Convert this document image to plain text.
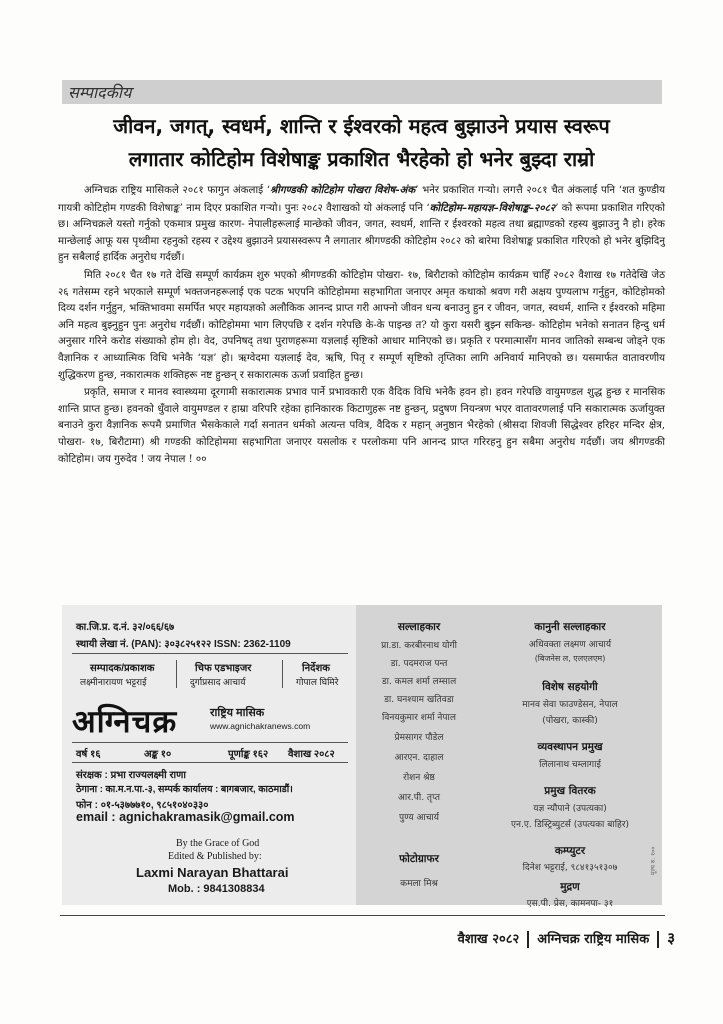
सम्पादकीय
जीवन, जगत्, स्वधर्म, शान्ति र ईश्वरको महत्व बुझाउने प्रयास स्वरूप
लगातार कोटिहोम विशेषाङ्क प्रकाशित भैरहेको हो भनेर बुझ्दा राम्रो

अग्निचक्र राष्ट्रिय मासिकले २०८१ फागुन अंकलाई ‘श्रीगण्डकी कोटिहोम पोखरा विशेष-अंक’ भनेर प्रकाशित गऱ्यो। लगत्तै २०८१ चैत अंकलाई पनि ‘शत कुण्डीय गायत्री कोटिहोम गण्डकी विशेषाङ्क’ नाम दिएर प्रकाशित गऱ्यो। पुनः २०८२ वैशाखको यो अंकलाई पनि ‘कोटिहोम–महायज्ञ–विशेषाङ्क–२०८२’ को रूपमा प्रकाशित गरिएको छ। अग्निचक्रले यस्तो गर्नुको एकमात्र प्रमुख कारण- नेपालीहरूलाई मान्छेको जीवन, जगत, स्वधर्म, शान्ति र ईश्वरको महत्व तथा ब्रह्माण्डको रहस्य बुझाउनु नै हो। हरेक मान्छेलाई आफू यस पृथ्वीमा रहनुको रहस्य र उद्देश्य बुझाउने प्रयासस्वरूप नै लगातार श्रीगण्डकी कोटिहोम २०८२ को बारेमा विशेषाङ्क प्रकाशित गरिएको हो भनेर बुझिदिनु हुन सबैलाई हार्दिक अनुरोध गर्दछौं।

मिति २०८१ चैत १७ गते देखि सम्पूर्ण कार्यक्रम शुरु भएको श्रीगण्डकी कोटिहोम पोखरा- १७, बिरौटाको कोटिहोम कार्यक्रम चाहिँ २०८२ वैशाख १७ गतेदेखि जेठ २६ गतेसम्म रहने भएकाले सम्पूर्ण भक्तजनहरूलाई एक पटक भएपनि कोटिहोममा सहभागिता जनाएर अमृत कथाको श्रवण गरी अक्षय पुण्यलाभ गर्नुहुन, कोटिहोमको दिव्य दर्शन गर्नुहुन, भक्तिभावमा समर्पित भएर महायज्ञको अलौकिक आनन्द प्राप्त गरी आफ्नो जीवन धन्य बनाउनु हुन र जीवन, जगत, स्वधर्म, शान्ति र ईश्वरको महिमा अनि महत्व बुझ्नुहुन पुनः अनुरोध गर्दछौं। कोटिहोममा भाग लिएपछि र दर्शन गरेपछि के-के पाइन्छ त? यो कुरा यसरी बुझ्न सकिन्छ- कोटिहोम भनेको सनातन हिन्दु धर्म अनुसार गरिने करोड संख्याको होम हो। वेद, उपनिषद् तथा पुराणहरूमा यज्ञलाई सृष्टिको आधार मानिएको छ। प्रकृति र परमात्मासँग मानव जातिको सम्बन्ध जोड्ने एक वैज्ञानिक र आध्यात्मिक विधि भनेकै ‘यज्ञ’ हो। ऋग्वेदमा यज्ञलाई देव, ऋषि, पितृ र सम्पूर्ण सृष्टिको तृप्तिका लागि अनिवार्य मानिएको छ। यसमार्फत वातावरणीय शुद्धिकरण हुन्छ, नकारात्मक शक्तिहरू नष्ट हुन्छन् र सकारात्मक ऊर्जा प्रवाहित हुन्छ।

प्रकृति, समाज र मानव स्वास्थ्यमा दूरगामी सकारात्मक प्रभाव पार्ने प्रभावकारी एक वैदिक विधि भनेकै हवन हो। हवन गरेपछि वायुमण्डल शुद्ध हुन्छ र मानसिक शान्ति प्राप्त हुन्छ। हवनको धुँवाले वायुमण्डल र हाम्रा वरिपरि रहेका हानिकारक किटाणुहरू नष्ट हुन्छन्, प्रदुषण नियन्त्रण भएर वातावरणलाई पनि सकारात्मक ऊर्जायुक्त बनाउने कुरा वैज्ञानिक रूपमै प्रमाणित भैसकेकाले गर्दा सनातन धर्मको अत्यन्त पवित्र, वैदिक र महान् अनुष्ठान भैरहेको (श्रीसदा शिवजी सिद्धेश्वर हरिहर मन्दिर क्षेत्र, पोखरा- १७, बिरौटामा) श्री गण्डकी कोटिहोममा सहभागिता जनाएर यसलोक र परलोकमा पनि आनन्द प्राप्त गरिरहनु हुन सबैमा अनुरोध गर्दछौं। जय श्रीगण्डकी कोटिहोम। जय गुरुदेव ! जय नेपाल ! ००

का.जि.प्र. द.नं. ३२/०६६/६७
स्थायी लेखा नं. (PAN): ३०३८२५१२२ ISSN: 2362-1109
सम्पादक/प्रकाशक
लक्ष्मीनारायण भट्टराई
चिफ एडभाइजर
दुर्गाप्रसाद आचार्य
निर्देशक
गोपाल घिमिरे
अग्निचक्र	राष्ट्रिय मासिक
www.agnichakranews.com
वर्ष १६	अङ्क १०	पूर्णाङ्क १६२ वैशाख २०८२
संरक्षक : प्रभा राज्यलक्ष्मी राणा
ठेगाना : का.म.न.पा.-३, सम्पर्क कार्यालय : बागबजार, काठमाडौं।
फोन : ०१-५३७७७१०, ९८५१०४०३३०
email : agnichakramasik@gmail.com
By the Grace of God
Edited & Published by:
Laxmi Narayan Bhattarai
Mob. : 9841308834
सल्लाहकार
प्रा.डा. करबीरनाथ योगी
डा. पदमराज पन्त
डा. कमल शर्मा लम्साल
डा. घनश्याम खतिवडा
विनयकुमार शर्मा नेपाल
प्रेमसागर पौडेल
आरएन. दाहाल
रोशन श्रेष्ठ
आर.पी. तृप्त
पुण्य आचार्य
फोटोग्राफर
कमला मिश्र
कानुनी सल्लाहकार
अधिवक्ता लक्ष्मण आचार्य
(बिजनेस ल, एलएलएम)
विशेष सहयोगी
मानव सेवा फाउण्डेसन, नेपाल
(पोखरा, कास्की)
व्यवस्थापन प्रमुख
लिलानाथ चम्लागाई
प्रमुख वितरक
यज्ञ न्यौपाने (उपत्यका)
एन.ए. डिस्ट्रिब्युटर्स (उपत्यका बाहिर)
कम्प्युटर
दिनेश भट्टराई, ९८४१३५१३०७
मुद्रण
एस.पी. प्रेस, कामनपा- ३१
मूल्य रु. १००
वैशाख २०८२ अग्निचक्र राष्ट्रिय मासिक ३
